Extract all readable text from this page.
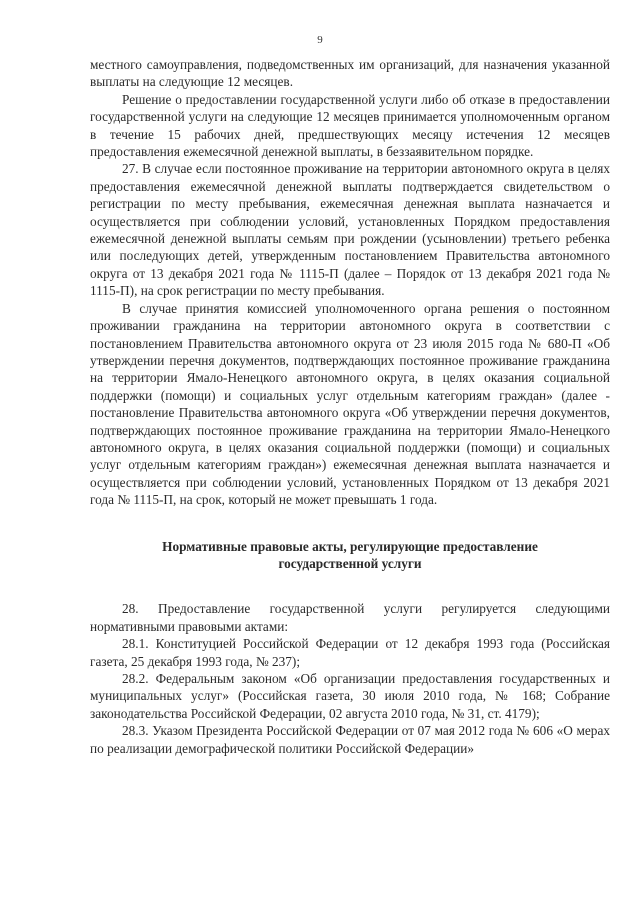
9

местного самоуправления, подведомственных им организаций, для назначения указанной выплаты на следующие 12 месяцев.

Решение о предоставлении государственной услуги либо об отказе в предоставлении государственной услуги на следующие 12 месяцев принимается уполномоченным органом в течение 15 рабочих дней, предшествующих месяцу истечения 12 месяцев предоставления ежемесячной денежной выплаты, в беззаявительном порядке.

27. В случае если постоянное проживание на территории автономного округа в целях предоставления ежемесячной денежной выплаты подтверждается свидетельством о регистрации по месту пребывания, ежемесячная денежная выплата назначается и осуществляется при соблюдении условий, установленных Порядком предоставления ежемесячной денежной выплаты семьям при рождении (усыновлении) третьего ребенка или последующих детей, утвержденным постановлением Правительства автономного округа от 13 декабря 2021 года № 1115-П (далее – Порядок от 13 декабря 2021 года № 1115-П), на срок регистрации по месту пребывания.

В случае принятия комиссией уполномоченного органа решения о постоянном проживании гражданина на территории автономного округа в соответствии с постановлением Правительства автономного округа от 23 июля 2015 года № 680-П «Об утверждении перечня документов, подтверждающих постоянное проживание гражданина на территории Ямало-Ненецкого автономного округа, в целях оказания социальной поддержки (помощи) и социальных услуг отдельным категориям граждан» (далее - постановление Правительства автономного округа «Об утверждении перечня документов, подтверждающих постоянное проживание гражданина на территории Ямало-Ненецкого автономного округа, в целях оказания социальной поддержки (помощи) и социальных услуг отдельным категориям граждан») ежемесячная денежная выплата назначается и осуществляется при соблюдении условий, установленных Порядком от 13 декабря 2021 года № 1115-П, на срок, который не может превышать 1 года.

Нормативные правовые акты, регулирующие предоставление государственной услуги

28. Предоставление государственной услуги регулируется следующими нормативными правовыми актами:

28.1. Конституцией Российской Федерации от 12 декабря 1993 года (Российская газета, 25 декабря 1993 года, № 237);

28.2. Федеральным законом «Об организации предоставления государственных и муниципальных услуг» (Российская газета, 30 июля 2010 года, № 168; Собрание законодательства Российской Федерации, 02 августа 2010 года, № 31, ст. 4179);

28.3. Указом Президента Российской Федерации от 07 мая 2012 года № 606 «О мерах по реализации демографической политики Российской Федерации»
